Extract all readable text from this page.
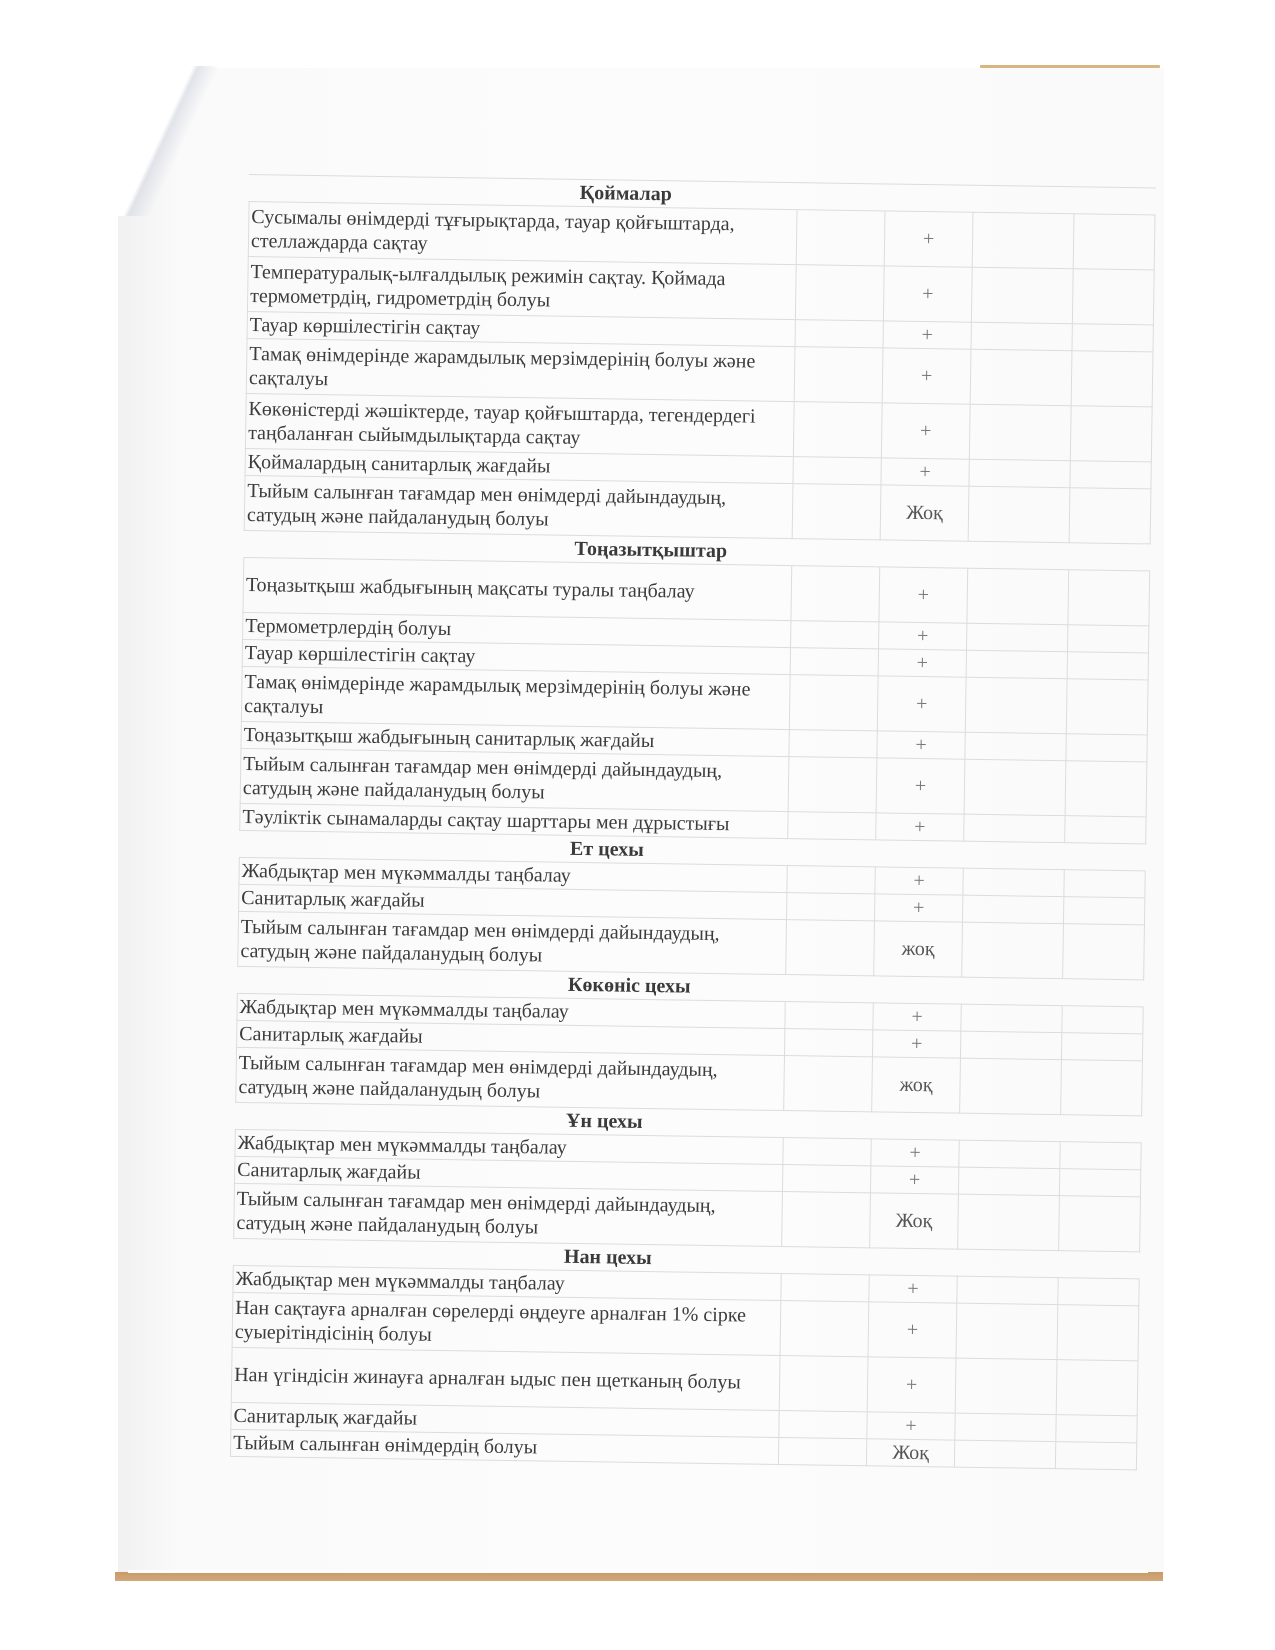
Қоймалар				
Сусымалы өнімдерді тұғырықтарда, тауар қойғыштарда, стеллаждарда сақтау		+		
Температуралық-ылғалдылық режимін сақтау. Қоймада термометрдің, гидрометрдің болуы		+		
Тауар көршілестігін сақтау		+		
Тамақ өнімдерінде жарамдылық мерзімдерінің болуы және сақталуы		+		
Көкөністерді жәшіктерде, тауар қойғыштарда, тегендердегі таңбаланған сыйымдылықтарда сақтау		+		
Қоймалардың санитарлық жағдайы		+		
Тыйым салынған тағамдар мен өнімдерді дайындаудың, сатудың және пайдаланудың болуы		Жоқ		
Тоңазытқыштар				
Тоңазытқыш жабдығының мақсаты туралы таңбалау		+		
Термометрлердің болуы		+		
Тауар көршілестігін сақтау		+		
Тамақ өнімдерінде жарамдылық мерзімдерінің болуы және сақталуы		+		
Тоңазытқыш жабдығының санитарлық жағдайы		+		
Тыйым салынған тағамдар мен өнімдерді дайындаудың, сатудың және пайдаланудың болуы		+		
Тәуліктік сынамаларды сақтау шарттары мен дұрыстығы		+		
Ет цехы				
Жабдықтар мен мүкәммалды таңбалау		+		
Санитарлық жағдайы		+		
Тыйым салынған тағамдар мен өнімдерді дайындаудың, сатудың және пайдаланудың болуы		жоқ		
Көкөніс цехы				
Жабдықтар мен мүкәммалды таңбалау		+		
Санитарлық жағдайы		+		
Тыйым салынған тағамдар мен өнімдерді дайындаудың, сатудың және пайдаланудың болуы		жоқ		
Ұн цехы				
Жабдықтар мен мүкәммалды таңбалау		+		
Санитарлық жағдайы		+		
Тыйым салынған тағамдар мен өнімдерді дайындаудың, сатудың және пайдаланудың болуы		Жоқ		
Нан цехы				
Жабдықтар мен мүкәммалды таңбалау		+		
Нан сақтауға арналған сөрелерді өңдеуге арналған 1% сірке суыерітіндісінің болуы		+		
Нан үгіндісін жинауға арналған ыдыс пен щетканың болуы		+		
Санитарлық жағдайы		+		
Тыйым салынған өнімдердің болуы		Жоқ		
